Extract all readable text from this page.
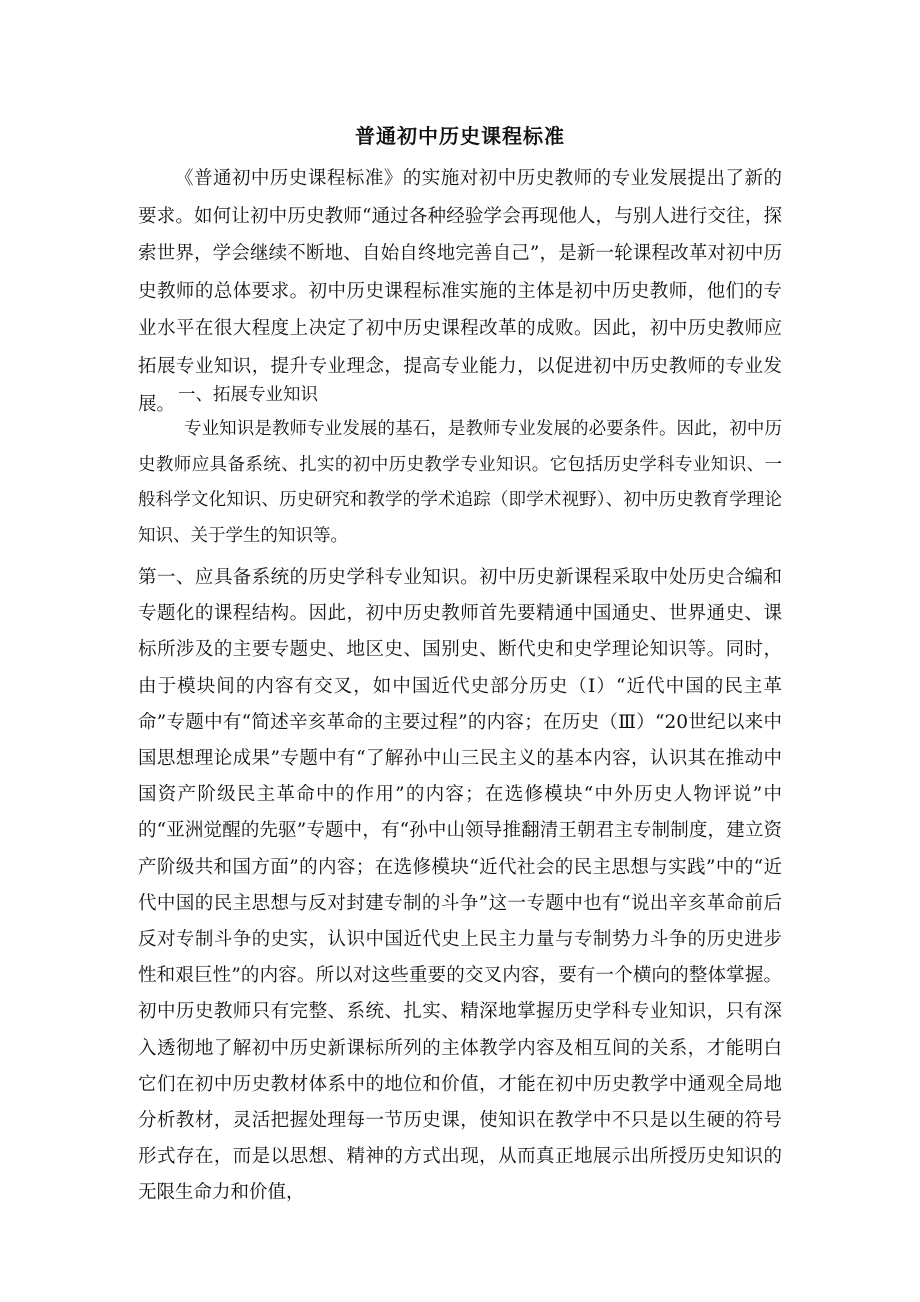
普通初中历史课程标准

《普通初中历史课程标准》的实施对初中历史教师的专业发展提出了新的要求。如何让初中历史教师“通过各种经验学会再现他人，与别人进行交往，探索世界，学会继续不断地、自始自终地完善自己”，是新一轮课程改革对初中历史教师的总体要求。初中历史课程标准实施的主体是初中历史教师，他们的专业水平在很大程度上决定了初中历史课程改革的成败。因此，初中历史教师应拓展专业知识，提升专业理念，提高专业能力，以促进初中历史教师的专业发展。 一、拓展专业知识

专业知识是教师专业发展的基石，是教师专业发展的必要条件。因此，初中历史教师应具备系统、扎实的初中历史教学专业知识。它包括历史学科专业知识、一般科学文化知识、历史研究和教学的学术追踪（即学术视野）、初中历史教育学理论知识、关于学生的知识等。

第一、应具备系统的历史学科专业知识。初中历史新课程采取中处历史合编和专题化的课程结构。因此，初中历史教师首先要精通中国通史、世界通史、课标所涉及的主要专题史、地区史、国别史、断代史和史学理论知识等。同时，由于模块间的内容有交叉，如中国近代史部分历史（Ⅰ）“近代中国的民主革命”专题中有“简述辛亥革命的主要过程”的内容；在历史（Ⅲ）“20世纪以来中国思想理论成果”专题中有“了解孙中山三民主义的基本内容，认识其在推动中国资产阶级民主革命中的作用”的内容；在选修模块“中外历史人物评说”中的“亚洲觉醒的先驱”专题中，有“孙中山领导推翻清王朝君主专制制度，建立资产阶级共和国方面”的内容；在选修模块“近代社会的民主思想与实践”中的“近代中国的民主思想与反对封建专制的斗争”这一专题中也有“说出辛亥革命前后反对专制斗争的史实，认识中国近代史上民主力量与专制势力斗争的历史进步性和艰巨性”的内容。所以对这些重要的交叉内容，要有一个横向的整体掌握。初中历史教师只有完整、系统、扎实、精深地掌握历史学科专业知识，只有深入透彻地了解初中历史新课标所列的主体教学内容及相互间的关系，才能明白它们在初中历史教材体系中的地位和价值，才能在初中历史教学中通观全局地分析教材，灵活把握处理每一节历史课，使知识在教学中不只是以生硬的符号形式存在，而是以思想、精神的方式出现，从而真正地展示出所授历史知识的无限生命力和价值，
